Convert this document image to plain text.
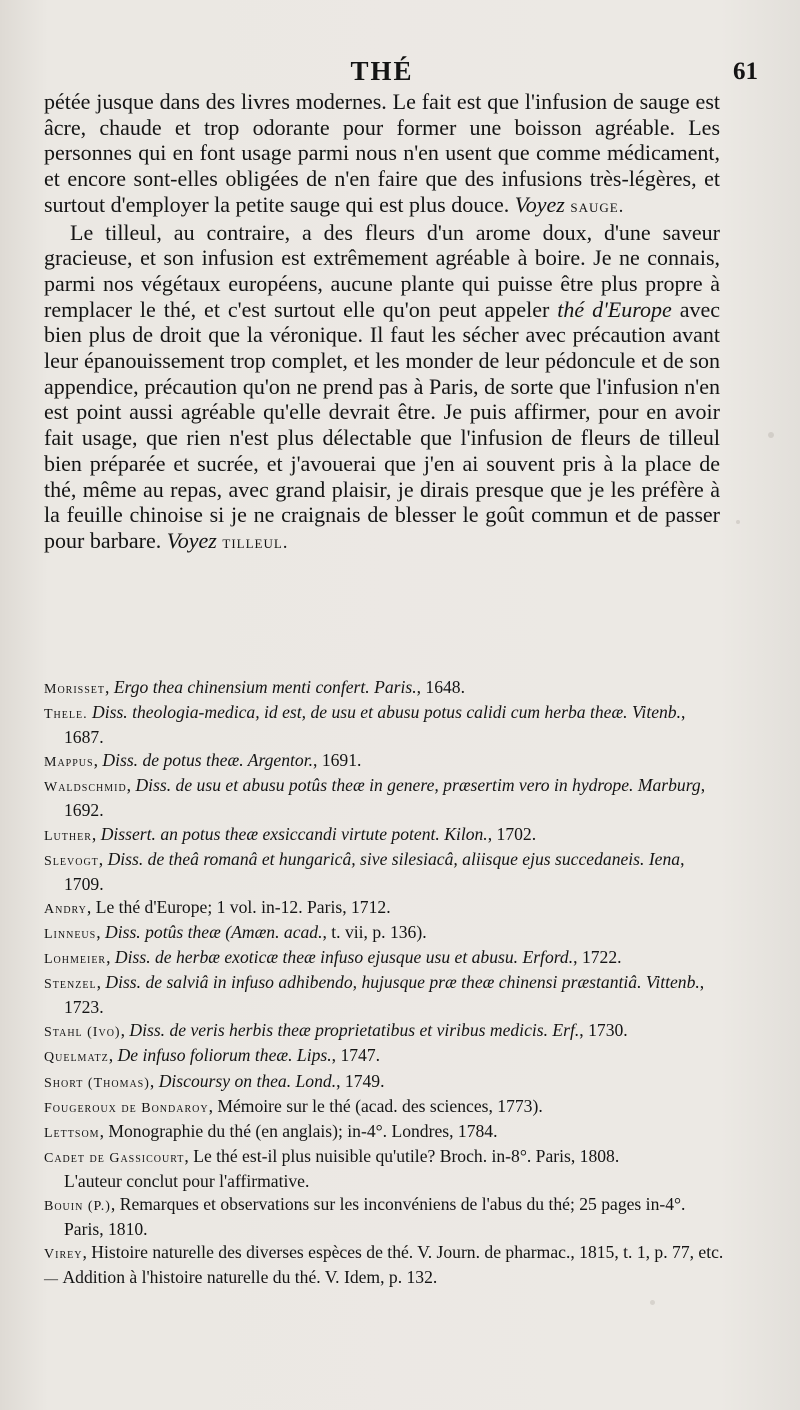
THÉ	61

pétée jusque dans des livres modernes. Le fait est que l'infusion de sauge est âcre, chaude et trop odorante pour former une boisson agréable. Les personnes qui en font usage parmi nous n'en usent que comme médicament, et encore sont-elles obligées de n'en faire que des infusions très-légères, et surtout d'employer la petite sauge qui est plus douce. Voyez sauge.

Le tilleul, au contraire, a des fleurs d'un arome doux, d'une saveur gracieuse, et son infusion est extrêmement agréable à boire. Je ne connais, parmi nos végétaux européens, aucune plante qui puisse être plus propre à remplacer le thé, et c'est surtout elle qu'on peut appeler thé d'Europe avec bien plus de droit que la véronique. Il faut les sécher avec précaution avant leur épanouissement trop complet, et les monder de leur pédoncule et de son appendice, précaution qu'on ne prend pas à Paris, de sorte que l'infusion n'en est point aussi agréable qu'elle devrait être. Je puis affirmer, pour en avoir fait usage, que rien n'est plus délectable que l'infusion de fleurs de tilleul bien préparée et sucrée, et j'avouerai que j'en ai souvent pris à la place de thé, même au repas, avec grand plaisir, je dirais presque que je les préfère à la feuille chinoise si je ne craignais de blesser le goût commun et de passer pour barbare. Voyez tilleul.

Morisset, Ergo thea chinensium menti confert. Paris., 1648.

Thele. Diss. theologia-medica, id est, de usu et abusu potus calidi cum herba theæ. Vitenb., 1687.

Mappus, Diss. de potus theæ. Argentor., 1691.

Waldschmid, Diss. de usu et abusu potûs theæ in genere, præsertim vero in hydrope. Marburg, 1692.

Luther, Dissert. an potus theæ exsiccandi virtute potent. Kilon., 1702.

Slevogt, Diss. de theâ romanâ et hungaricâ, sive silesiacâ, aliisque ejus succedaneis. Iena, 1709.

Andry, Le thé d'Europe; 1 vol. in-12. Paris, 1712.

Linneus, Diss. potûs theæ (Amæn. acad., t. vii, p. 136).

Lohmeier, Diss. de herbæ exoticæ theæ infuso ejusque usu et abusu. Erford., 1722.

Stenzel, Diss. de salviâ in infuso adhibendo, hujusque præ theæ chinensi præstantiâ. Vittenb., 1723.

Stahl (Ivo), Diss. de veris herbis theæ proprietatibus et viribus medicis. Erf., 1730.

Quelmatz, De infuso foliorum theæ. Lips., 1747.

Short (Thomas), Discoursy on thea. Lond., 1749.

Fougeroux de Bondaroy, Mémoire sur le thé (acad. des sciences, 1773).

Lettsom, Monographie du thé (en anglais); in-4°. Londres, 1784.

Cadet de Gassicourt, Le thé est-il plus nuisible qu'utile? Broch. in-8°. Paris, 1808.

L'auteur conclut pour l'affirmative.

Bouin (P.), Remarques et observations sur les inconvéniens de l'abus du thé; 25 pages in-4°. Paris, 1810.

Virey, Histoire naturelle des diverses espèces de thé. V. Journ. de pharmac., 1815, t. 1, p. 77, etc.

— Addition à l'histoire naturelle du thé. V. Idem, p. 132.
